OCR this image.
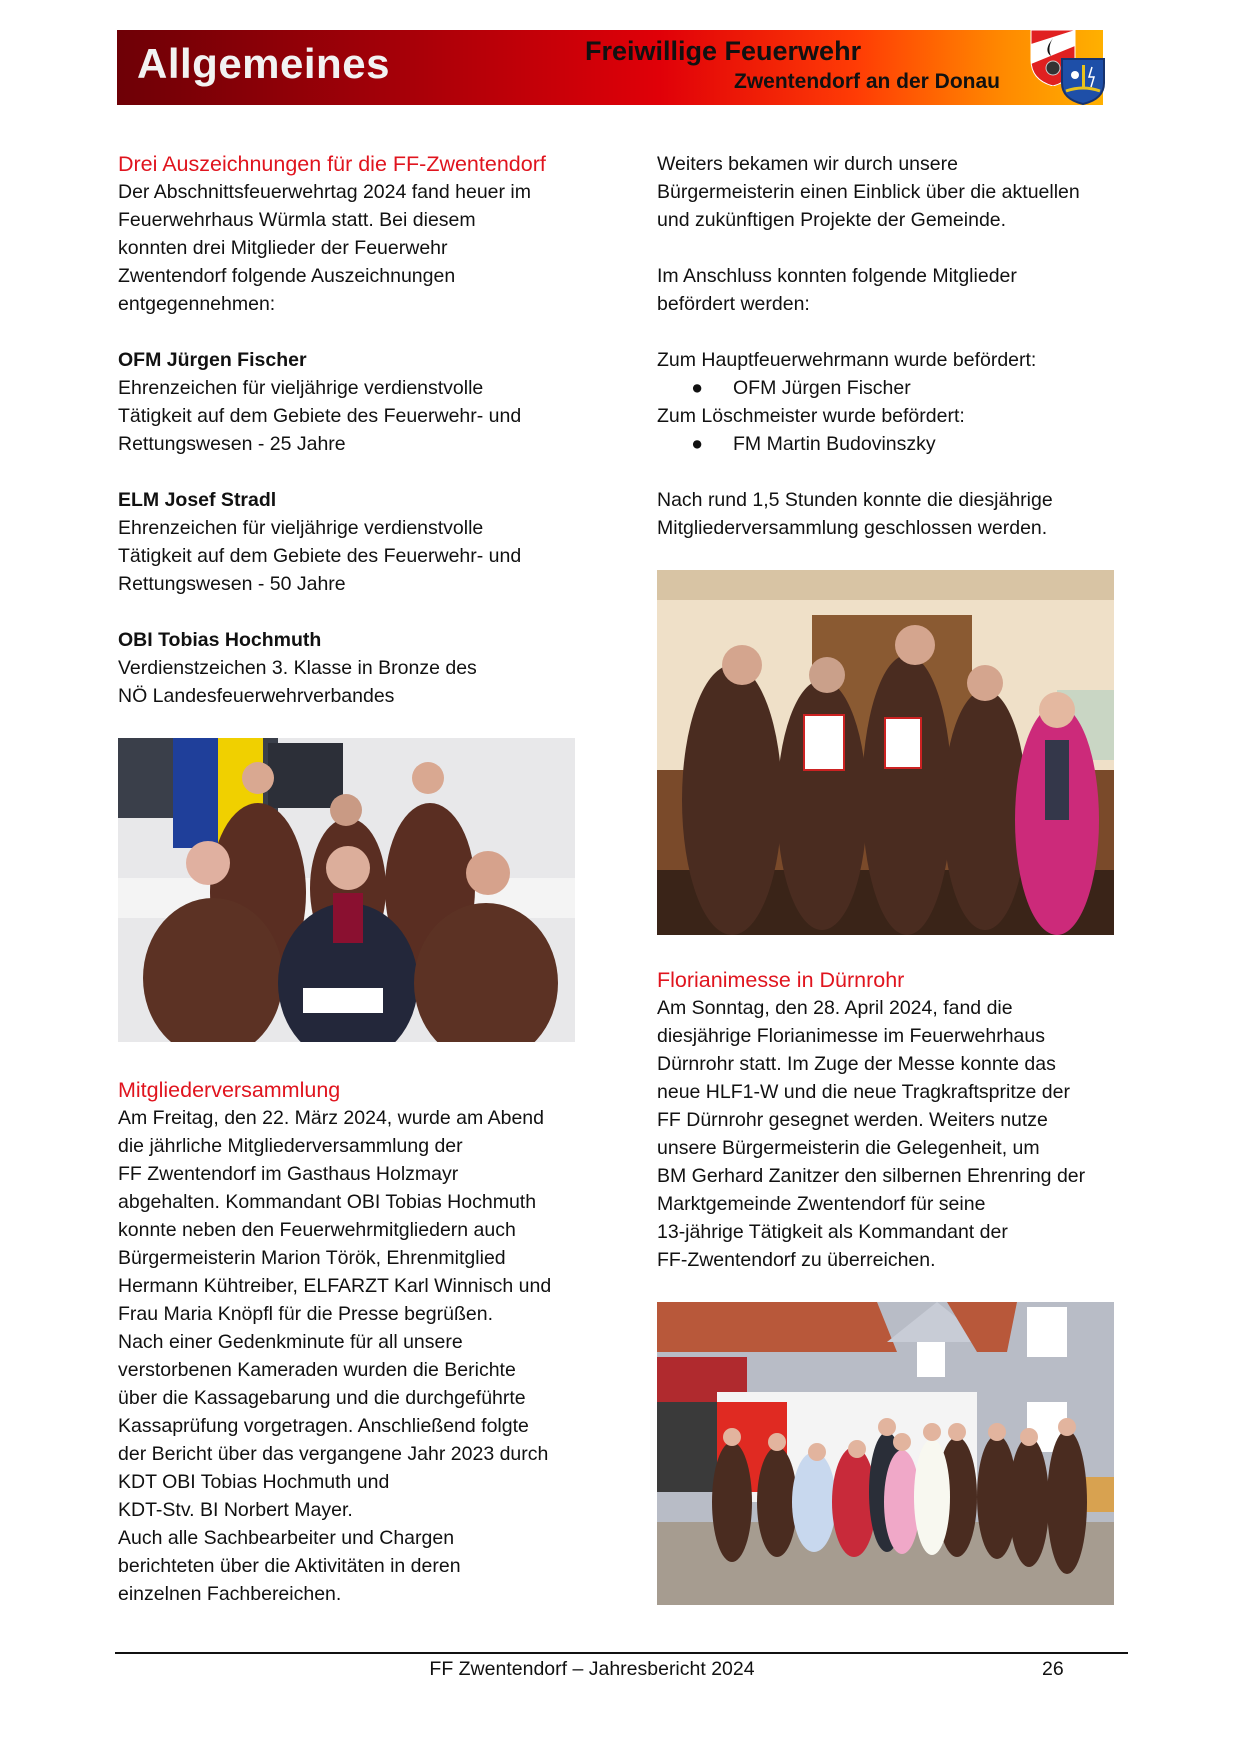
Allgemeines	Freiwillige Feuerwehr
Zwentendorf an der Donau
Drei Auszeichnungen für die FF-Zwentendorf
Der Abschnittsfeuerwehrtag 2024 fand heuer im
Feuerwehrhaus Würmla statt. Bei diesem
konnten drei Mitglieder der Feuerwehr
Zwentendorf folgende Auszeichnungen
entgegennehmen:
OFM Jürgen Fischer
Ehrenzeichen für vieljährige verdienstvolle
Tätigkeit auf dem Gebiete des Feuerwehr- und
Rettungswesen - 25 Jahre
ELM Josef Stradl
Ehrenzeichen für vieljährige verdienstvolle
Tätigkeit auf dem Gebiete des Feuerwehr- und
Rettungswesen - 50 Jahre
OBI Tobias Hochmuth
Verdienstzeichen 3. Klasse in Bronze des
NÖ Landesfeuerwehrverbandes
Mitgliederversammlung
Am Freitag, den 22. März 2024, wurde am Abend
die jährliche Mitgliederversammlung der
FF Zwentendorf im Gasthaus Holzmayr
abgehalten. Kommandant OBI Tobias Hochmuth
konnte neben den Feuerwehrmitgliedern auch
Bürgermeisterin Marion Török, Ehrenmitglied
Hermann Kühtreiber, ELFARZT Karl Winnisch und
Frau Maria Knöpfl für die Presse begrüßen.
Nach einer Gedenkminute für all unsere
verstorbenen Kameraden wurden die Berichte
über die Kassagebarung und die durchgeführte
Kassaprüfung vorgetragen. Anschließend folgte
der Bericht über das vergangene Jahr 2023 durch
KDT OBI Tobias Hochmuth und
KDT-Stv. BI Norbert Mayer.
Auch alle Sachbearbeiter und Chargen
berichteten über die Aktivitäten in deren
einzelnen Fachbereichen.
Weiters bekamen wir durch unsere
Bürgermeisterin einen Einblick über die aktuellen
und zukünftigen Projekte der Gemeinde.
Im Anschluss konnten folgende Mitglieder
befördert werden:
Zum Hauptfeuerwehrmann wurde befördert:
●	OFM Jürgen Fischer
Zum Löschmeister wurde befördert:
●	FM Martin Budovinszky
Nach rund 1,5 Stunden konnte die diesjährige
Mitgliederversammlung geschlossen werden.
Florianimesse in Dürnrohr
Am Sonntag, den 28. April 2024, fand die
diesjährige Florianimesse im Feuerwehrhaus
Dürnrohr statt. Im Zuge der Messe konnte das
neue HLF1-W und die neue Tragkraftspritze der
FF Dürnrohr gesegnet werden. Weiters nutze
unsere Bürgermeisterin die Gelegenheit, um
BM Gerhard Zanitzer den silbernen Ehrenring der
Marktgemeinde Zwentendorf für seine
13-jährige Tätigkeit als Kommandant der
FF-Zwentendorf zu überreichen.
FF Zwentendorf – Jahresbericht 2024	26
